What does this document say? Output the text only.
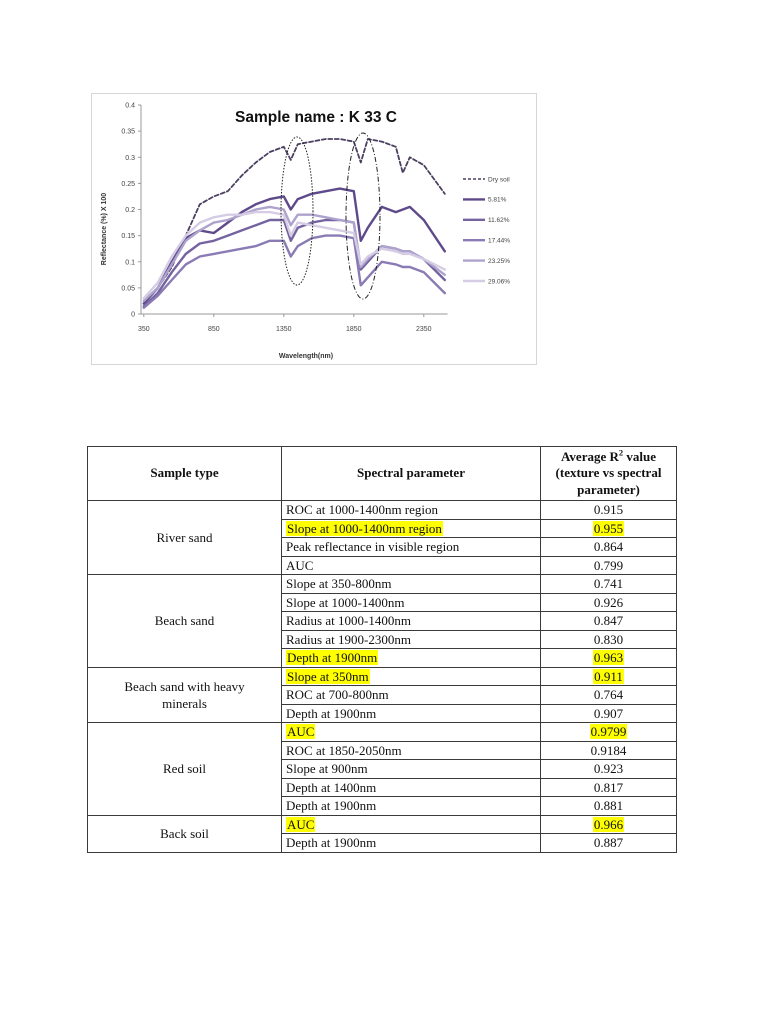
Sample name : K 33 C
Reflectance (%) X 100
Wavelength(nm)
0.4
0.35
0.3
0.25
0.2
0.15
0.1
0.05
0
350	850	1350	1850	2350
Dry soil
5.81%
11.62%
17.44%
23.25%
29.06%
Sample type	Spectral parameter	Average $R^2$ value
(texture vs spectral
parameter)
River sand	ROC at 1000-1400nm region	0.915
	Slope at 1000-1400nm region	0.955
	Peak reflectance in visible region	0.864
	AUC	0.799
Beach sand	Slope at 350-800nm	0.741
	Slope at 1000-1400nm	0.926
	Radius at 1000-1400nm	0.847
	Radius at 1900-2300nm	0.830
	Depth at 1900nm	0.963
Beach sand with heavy minerals	Slope at 350nm	0.911
	ROC at 700-800nm	0.764
	Depth at 1900nm	0.907
Red soil	AUC	0.9799
	ROC at 1850-2050nm	0.9184
	Slope at 900nm	0.923
	Depth at 1400nm	0.817
	Depth at 1900nm	0.881
Back soil	AUC	0.966
	Depth at 1900nm	0.887
